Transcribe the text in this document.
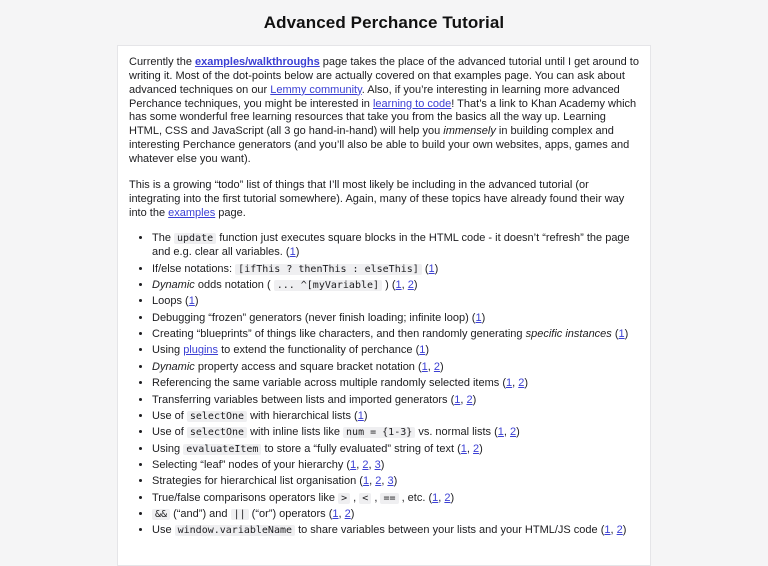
Advanced Perchance Tutorial

Currently the examples/walkthroughs page takes the place of the advanced tutorial until I get around to writing it. Most of the dot-points below are actually covered on that examples page. You can ask about advanced techniques on our Lemmy community. Also, if you’re interesting in learning more advanced Perchance techniques, you might be interested in learning to code! That’s a link to Khan Academy which has some wonderful free learning resources that take you from the basics all the way up. Learning HTML, CSS and JavaScript (all 3 go hand-in-hand) will help you immensely in building complex and interesting Perchance generators (and you’ll also be able to build your own websites, apps, games and whatever else you want).

This is a growing “todo” list of things that I’ll most likely be including in the advanced tutorial (or integrating into the first tutorial somewhere). Again, many of these topics have already found their way into the examples page.

• The update function just executes square blocks in the HTML code - it doesn’t “refresh” the page and e.g. clear all variables. (1)
• If/else notations: [ifThis ? thenThis : elseThis] (1)
• Dynamic odds notation ( ... ^[myVariable] ) (1, 2)
• Loops (1)
• Debugging “frozen” generators (never finish loading; infinite loop) (1)
• Creating “blueprints” of things like characters, and then randomly generating specific instances (1)
• Using plugins to extend the functionality of perchance (1)
• Dynamic property access and square bracket notation (1, 2)
• Referencing the same variable across multiple randomly selected items (1, 2)
• Transferring variables between lists and imported generators (1, 2)
• Use of selectOne with hierarchical lists (1)
• Use of selectOne with inline lists like num = {1-3} vs. normal lists (1, 2)
• Using evaluateItem to store a “fully evaluated” string of text (1, 2)
• Selecting “leaf” nodes of your hierarchy (1, 2, 3)
• Strategies for hierarchical list organisation (1, 2, 3)
• True/false comparisons operators like > , < , == , etc. (1, 2)
• && (“and”) and || (“or”) operators (1, 2)
• Use window.variableName to share variables between your lists and your HTML/JS code (1, 2)
